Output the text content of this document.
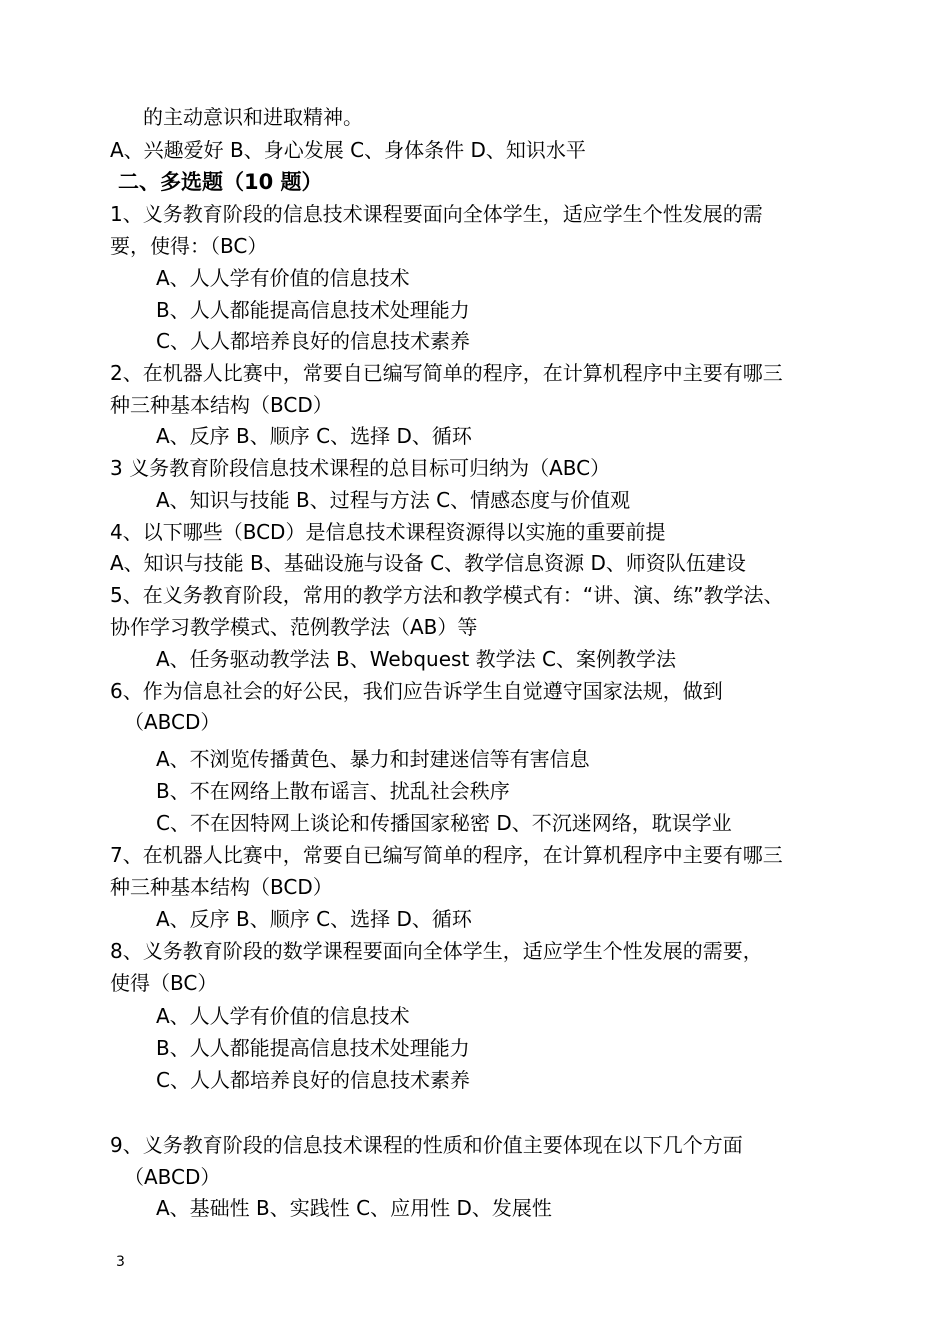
的主动意识和进取精神。
A、兴趣爱好 B、身心发展 C、身体条件 D、知识水平
二、多选题（10 题）
1、义务教育阶段的信息技术课程要面向全体学生，适应学生个性发展的需
要，使得：（BC）
A、人人学有价值的信息技术
B、人人都能提高信息技术处理能力
C、人人都培养良好的信息技术素养
2、在机器人比赛中，常要自已编写简单的程序，在计算机程序中主要有哪三
种三种基本结构（BCD）
A、反序 B、顺序 C、选择 D、循环
3 义务教育阶段信息技术课程的总目标可归纳为（ABC）
A、知识与技能 B、过程与方法 C、情感态度与价值观
4、以下哪些（BCD）是信息技术课程资源得以实施的重要前提
A、知识与技能 B、基础设施与设备 C、教学信息资源 D、师资队伍建设
5、在义务教育阶段，常用的教学方法和教学模式有：“讲、演、练”教学法、
协作学习教学模式、范例教学法（AB）等
A、任务驱动教学法 B、Webquest 教学法 C、案例教学法
6、作为信息社会的好公民，我们应告诉学生自觉遵守国家法规，做到
（ABCD）
A、不浏览传播黄色、暴力和封建迷信等有害信息
B、不在网络上散布谣言、扰乱社会秩序
C、不在因特网上谈论和传播国家秘密 D、不沉迷网络，耽误学业
7、在机器人比赛中，常要自已编写简单的程序，在计算机程序中主要有哪三
种三种基本结构（BCD）
A、反序 B、顺序 C、选择 D、循环
8、义务教育阶段的数学课程要面向全体学生，适应学生个性发展的需要，
使得（BC）
A、人人学有价值的信息技术
B、人人都能提高信息技术处理能力
C、人人都培养良好的信息技术素养
9、义务教育阶段的信息技术课程的性质和价值主要体现在以下几个方面
（ABCD）
A、基础性 B、实践性 C、应用性 D、发展性
3
